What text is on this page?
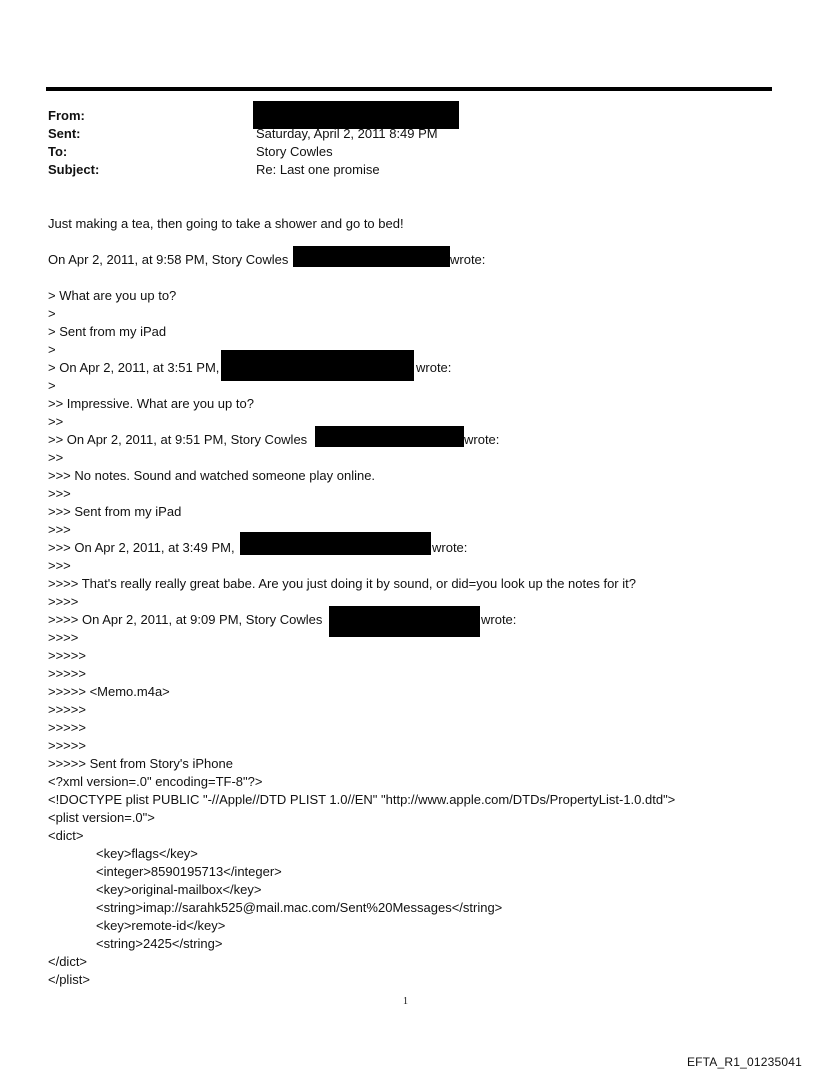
From:
Sent:	Saturday, April 2, 2011 8:49 PM
To:	Story Cowles
Subject:	Re: Last one promise
Just making a tea, then going to take a shower and go to bed!
On Apr 2, 2011, at 9:58 PM, Story Cowles	wrote:
> What are you up to?
>
> Sent from my iPad
>
> On Apr 2, 2011, at 3:51 PM,	wrote:
>
>> Impressive. What are you up to?
>>
>> On Apr 2, 2011, at 9:51 PM, Story Cowles	wrote:
>>
>>> No notes. Sound and watched someone play online.
>>>
>>> Sent from my iPad
>>>
>>> On Apr 2, 2011, at 3:49 PM,	wrote:
>>>
>>>> That's really really great babe. Are you just doing it by sound, or did=you look up the notes for it?
>>>>
>>>> On Apr 2, 2011, at 9:09 PM, Story Cowles	wrote:
>>>>
>>>>>
>>>>>
>>>>> <Memo.m4a>
>>>>>
>>>>>
>>>>>
>>>>> Sent from Story's iPhone
<?xml version=.0" encoding=TF-8"?>
<!DOCTYPE plist PUBLIC "-//Apple//DTD PLIST 1.0//EN" "http://www.apple.com/DTDs/PropertyList-1.0.dtd">
<plist version=.0">
<dict>
<key>flags</key>
<integer>8590195713</integer>
<key>original-mailbox</key>
<string>imap://sarahk525@mail.mac.com/Sent%20Messages</string>
<key>remote-id</key>
<string>2425</string>
</dict>
</plist>
1
EFTA_R1_01235041
